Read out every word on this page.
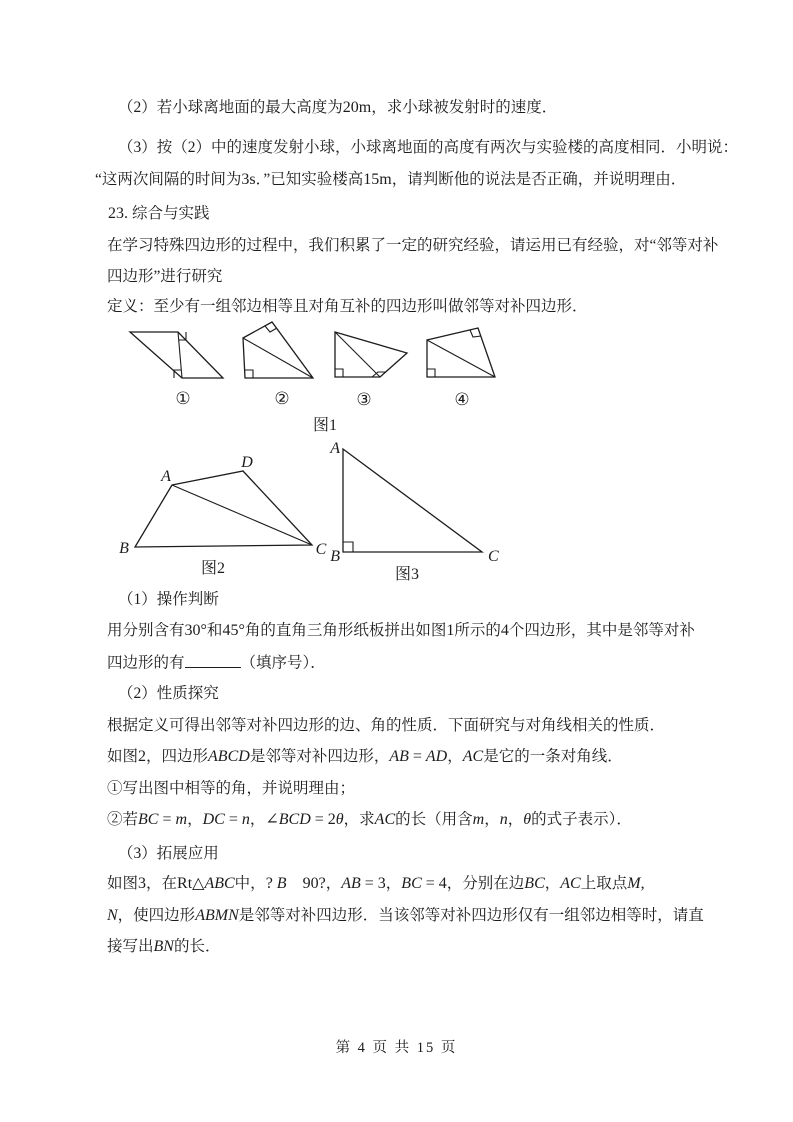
（2）若小球离地面的最大高度为20m，求小球被发射时的速度．

（3）按（2）中的速度发射小球，小球离地面的高度有两次与实验楼的高度相同．小明说：

“这两次间隔的时间为3s．”已知实验楼高15m，请判断他的说法是否正确，并说明理由．

23. 综合与实践

在学习特殊四边形的过程中，我们积累了一定的研究经验，请运用已有经验，对“邻等对补

四边形”进行研究

定义：至少有一组邻边相等且对角互补的四边形叫做邻等对补四边形．

①	②	③	④
图1
A
D
B	C
图2
A
B	C
图3

（1）操作判断

用分别含有30°和45°角的直角三角形纸板拼出如图1所示的4个四边形，其中是邻等对补

四边形的有	（填序号）．

（2）性质探究

根据定义可得出邻等对补四边形的边、角的性质．下面研究与对角线相关的性质．

如图2，四边形ABCD是邻等对补四边形，AB = AD，AC是它的一条对角线．

①写出图中相等的角，并说明理由；

②若BC = m，DC = n，∠BCD = 2θ，求AC的长（用含m，n，θ的式子表示）．

（3）拓展应用

如图3，在Rt△ABC中，? B　90?，AB = 3，BC = 4，分别在边BC，AC上取点M,

N，使四边形ABMN是邻等对补四边形．当该邻等对补四边形仅有一组邻边相等时，请直

接写出BN的长．

第 4 页 共 15 页
